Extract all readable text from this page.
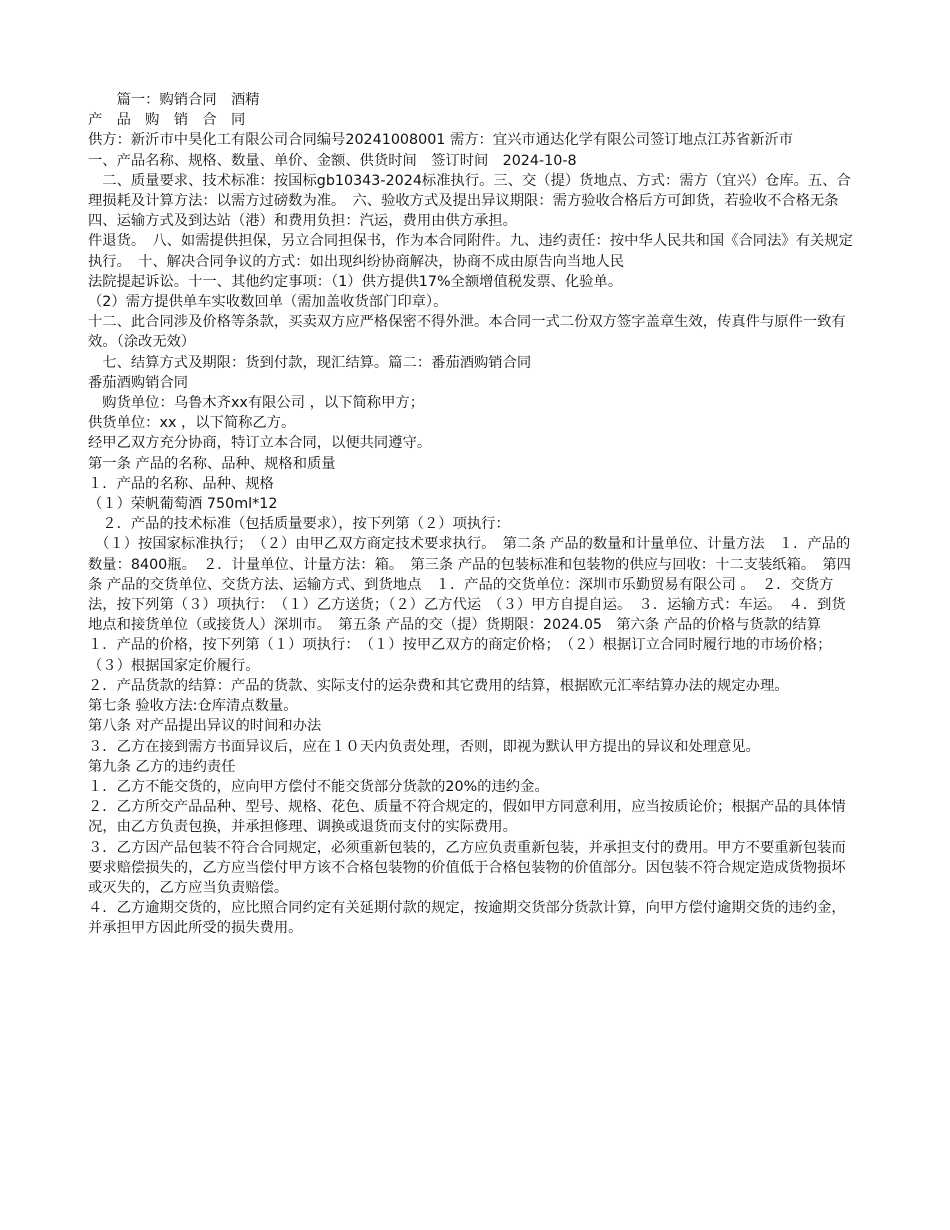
　　篇一：购销合同　酒精

产　品　购　销　合　同

供方：新沂市中昊化工有限公司合同编号20241008001 需方：宜兴市通达化学有限公司签订地点江苏省新沂市

一、产品名称、规格、数量、单价、金额、供货时间　签订时间　2024-10-8

　二、质量要求、技术标准：按国标gb10343-2024标准执行。三、交（提）货地点、方式：需方（宜兴）仓库。五、合理损耗及计算方法：以需方过磅数为准。　六、验收方式及提出异议期限：需方验收合格后方可卸货，若验收不合格无条

四、运输方式及到达站（港）和费用负担：汽运，费用由供方承担。

件退货。　八、如需提供担保，另立合同担保书，作为本合同附件。九、违约责任：按中华人民共和国《合同法》有关规定执行。　十、解决合同争议的方式：如出现纠纷协商解决，协商不成由原告向当地人民

法院提起诉讼。十一、其他约定事项：（1）供方提供17%全额增值税发票、化验单。

（2）需方提供单车实收数回单（需加盖收货部门印章）。

十二、此合同涉及价格等条款，买卖双方应严格保密不得外泄。本合同一式二份双方签字盖章生效，传真件与原件一致有效。（涂改无效）

　七、结算方式及期限：货到付款，现汇结算。篇二：番茄酒购销合同

番茄酒购销合同

　购货单位：乌鲁木齐xx有限公司 ，以下简称甲方；

供货单位：xx ，以下简称乙方。

经甲乙双方充分协商，特订立本合同，以便共同遵守。

第一条 产品的名称、品种、规格和质量

１．产品的名称、品种、规格

（１）荣帆葡萄酒 750ml*12

　２．产品的技术标准（包括质量要求），按下列第（２）项执行：

　（１）按国家标准执行；　（２）由甲乙双方商定技术要求执行。　第二条 产品的数量和计量单位、计量方法　１．产品的数量：8400瓶。　２．计量单位、计量方法：箱。　第三条 产品的包装标准和包装物的供应与回收：十二支装纸箱。　第四条 产品的交货单位、交货方法、运输方式、到货地点　１．产品的交货单位：深圳市乐勤贸易有限公司 。　２．交货方法，按下列第（３）项执行：　（１）乙方送货；（２）乙方代运　（３）甲方自提自运。　３．运输方式：车运。　４．到货地点和接货单位（或接货人）深圳市。　第五条 产品的交（提）货期限：2024.05　第六条 产品的价格与货款的结算　１．产品的价格，按下列第（１）项执行：　（１）按甲乙双方的商定价格；　（２）根据订立合同时履行地的市场价格；　（３）根据国家定价履行。

２．产品货款的结算：产品的货款、实际支付的运杂费和其它费用的结算，根据欧元汇率结算办法的规定办理。

第七条 验收方法:仓库清点数量。

第八条 对产品提出异议的时间和办法

３．乙方在接到需方书面异议后，应在１０天内负责处理，否则，即视为默认甲方提出的异议和处理意见。

第九条 乙方的违约责任

１．乙方不能交货的，应向甲方偿付不能交货部分货款的20%的违约金。

２．乙方所交产品品种、型号、规格、花色、质量不符合规定的，假如甲方同意利用，应当按质论价；根据产品的具体情况，由乙方负责包换，并承担修理、调换或退货而支付的实际费用。

３．乙方因产品包装不符合合同规定，必须重新包装的，乙方应负责重新包装，并承担支付的费用。甲方不要重新包装而要求赔偿损失的，乙方应当偿付甲方该不合格包装物的价值低于合格包装物的价值部分。因包装不符合规定造成货物损坏或灭失的，乙方应当负责赔偿。

４．乙方逾期交货的，应比照合同约定有关延期付款的规定，按逾期交货部分货款计算，向甲方偿付逾期交货的违约金，并承担甲方因此所受的损失费用。
